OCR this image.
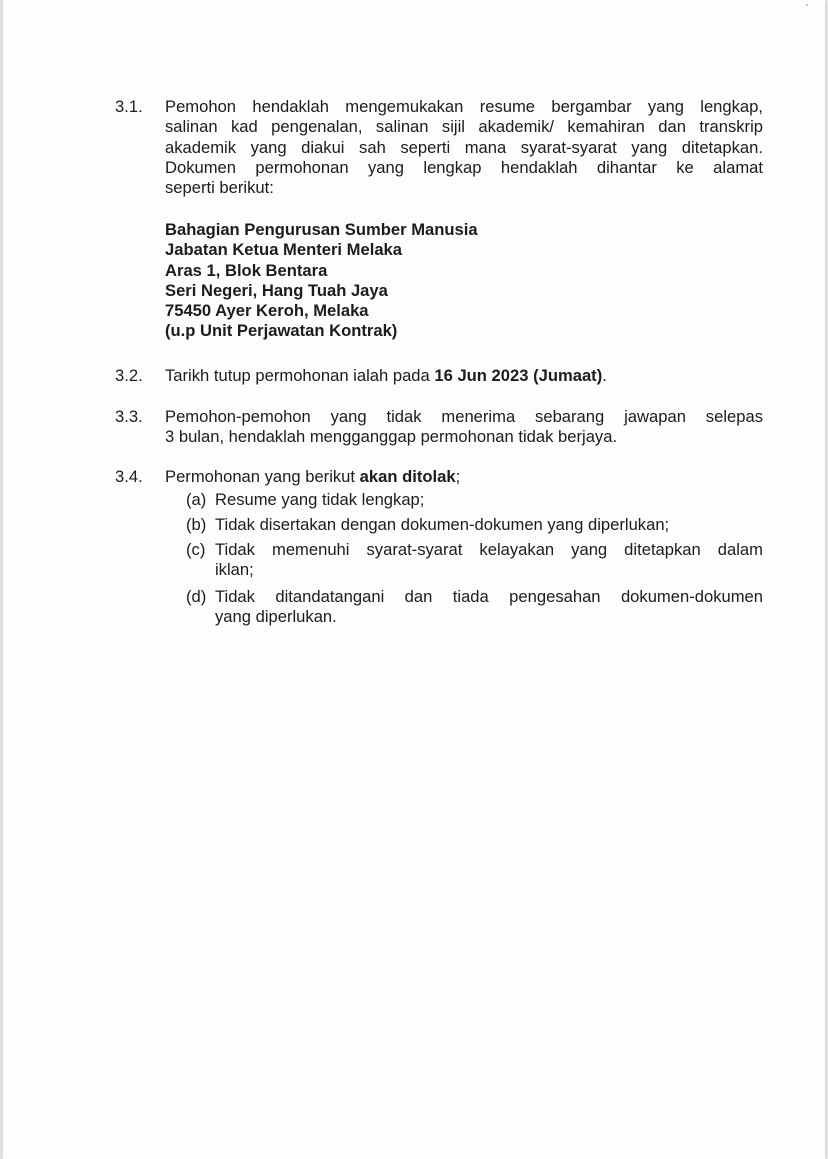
3.1. Pemohon hendaklah mengemukakan resume bergambar yang lengkap,
salinan kad pengenalan, salinan sijil akademik/ kemahiran dan transkrip
akademik yang diakui sah seperti mana syarat-syarat yang ditetapkan.
Dokumen permohonan yang lengkap hendaklah dihantar ke alamat
seperti berikut:
Bahagian Pengurusan Sumber Manusia
Jabatan Ketua Menteri Melaka
Aras 1, Blok Bentara
Seri Negeri, Hang Tuah Jaya
75450 Ayer Keroh, Melaka
(u.p Unit Perjawatan Kontrak)
3.2. Tarikh tutup permohonan ialah pada 16 Jun 2023 (Jumaat).
3.3. Pemohon-pemohon yang tidak menerima sebarang jawapan selepas
3 bulan, hendaklah mengganggap permohonan tidak berjaya.
3.4. Permohonan yang berikut akan ditolak;
(a) Resume yang tidak lengkap;
(b) Tidak disertakan dengan dokumen-dokumen yang diperlukan;
(c) Tidak memenuhi syarat-syarat kelayakan yang ditetapkan dalam
iklan;
(d) Tidak ditandatangani dan tiada pengesahan dokumen-dokumen
yang diperlukan.
